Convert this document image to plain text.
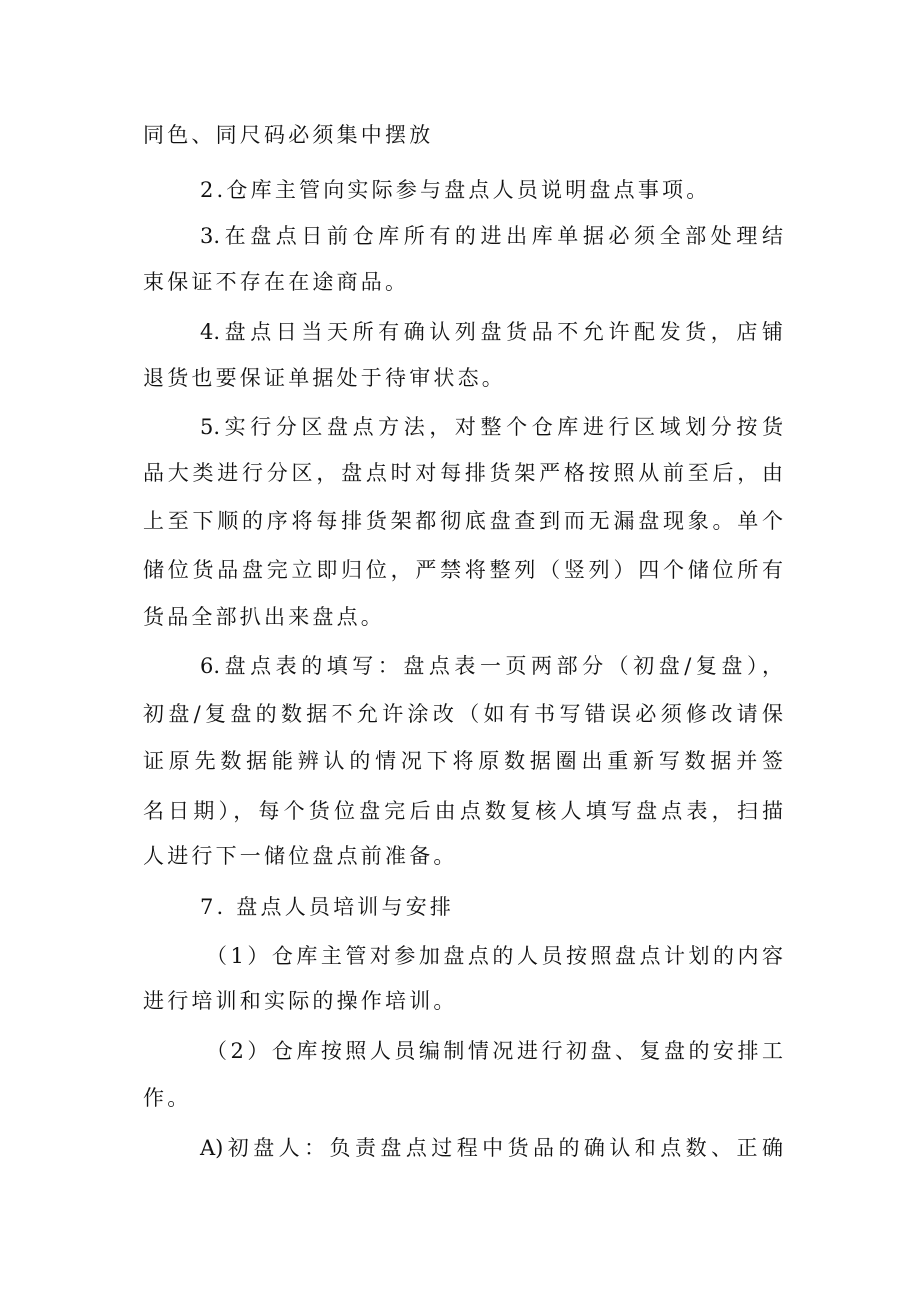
同色、同尺码必须集中摆放
2.仓库主管向实际参与盘点人员说明盘点事项。
3.在盘点日前仓库所有的进出库单据必须全部处理结
束保证不存在在途商品。
4.盘点日当天所有确认列盘货品不允许配发货，店铺
退货也要保证单据处于待审状态。
5.实行分区盘点方法，对整个仓库进行区域划分按货
品大类进行分区，盘点时对每排货架严格按照从前至后，由
上至下顺的序将每排货架都彻底盘查到而无漏盘现象。单个
储位货品盘完立即归位，严禁将整列（竖列）四个储位所有
货品全部扒出来盘点。
6.盘点表的填写：盘点表一页两部分（初盘/复盘），
初盘/复盘的数据不允许涂改（如有书写错误必须修改请保
证原先数据能辨认的情况下将原数据圈出重新写数据并签
名日期），每个货位盘完后由点数复核人填写盘点表，扫描
人进行下一储位盘点前准备。
7. 盘点人员培训与安排
（1）仓库主管对参加盘点的人员按照盘点计划的内容
进行培训和实际的操作培训。
（2）仓库按照人员编制情况进行初盘、复盘的安排工
作。
A)初盘人：负责盘点过程中货品的确认和点数、正确
